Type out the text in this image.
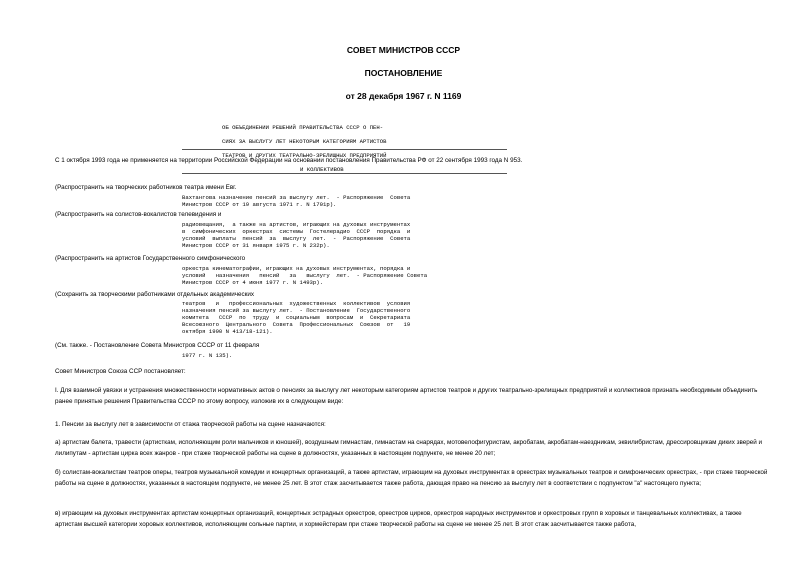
СОВЕТ МИНИСТРОВ СССР
ПОСТАНОВЛЕНИЕ
от 28 декабря 1967 г. N 1169

ОБ ОБЪЕДИНЕНИИ РЕШЕНИЙ ПРАВИТЕЛЬСТВА СССР О ПЕН-

СИЯХ ЗА ВЫСЛУГУ ЛЕТ НЕКОТОРЫМ КАТЕГОРИЯМ АРТИСТОВ

ТЕАТРОВ И ДРУГИХ ТЕАТРАЛЬНО-ЗРЕЛИЩНЫХ ПРЕДПРИЯТИЙ

И КОЛЛЕКТИВОВ

С 1 октября 1993 года не применяется на территории Российской Федерации на основании постановления Правительства РФ от 22 сентября 1993 года N 953.
(Распространить на творческих работников театра имени Евг.
Вахтангова назначение пенсий за выслугу лет.  - Распоряжение  Совета
Министров СССР от 19 августа 1971 г. N 1701р).
(Распространить на солистов-вокалистов телевидения и
радиовещания,  а также на артистов, играющих на духовых инструментах
в  симфонических  оркестрах  системы  Гостелерадио  СССР  порядка  и
условий  выплаты  пенсий  за  выслугу  лет.  -  Распоряжение  Совета
Министров СССР от 31 января 1975 г. N 232р).
(Распространить на артистов Государственного симфонического
оркестра кинематографии, играющих на духовых инструментах, порядка и
условий   назначения   пенсий   за   выслугу  лет.  - Распоряжение Совета
Министров СССР от 4 июня 1977 г. N 1493р).
(Сохранить за творческими работниками отдельных академических
театров   и   профессиональных  художественных  коллективов  условия
назначения пенсий за выслугу лет.  - Постановление  Государственного
комитета   СССР  по  труду  и  социальным  вопросам  и  Секретариата
Всесоюзного  Центрального  Совета  Профессиональных  Союзов  от   19
октября 1990 N 413/18-121).
(См. также. - Постановление Совета Министров СССР от 11 февраля
1977 г. N 135).
Совет Министров Союза ССР постановляет:
I. Для взаимной увязки и устранения множественности нормативных актов о пенсиях за выслугу лет некоторым категориям артистов театров и других театрально-зрелищных предприятий и коллективов признать необходимым объединить ранее принятые решения Правительства СССР по этому вопросу, изложив их в следующем виде:
1. Пенсии за выслугу лет в зависимости от стажа творческой работы на сцене назначаются:
а) артистам балета, травести (артисткам, исполняющим роли мальчиков и юношей), воздушным гимнастам, гимнастам на снарядах, мотовелофигуристам, акробатам, акробатам-наездникам, эквилибристам, дрессировщикам диких зверей и лилипутам - артистам цирка всех жанров - при стаже творческой работы на сцене в должностях, указанных в настоящем подпункте, не менее 20 лет;
б) солистам-вокалистам театров оперы, театров музыкальной комедии и концертных организаций, а также артистам, играющим на духовых инструментах в оркестрах музыкальных театров и симфонических оркестрах, - при стаже творческой работы на сцене в должностях, указанных в настоящем подпункте, не менее 25 лет. В этот стаж засчитывается также работа, дающая право на пенсию за выслугу лет в соответствии с подпунктом "а" настоящего пункта;
в) играющим на духовых инструментах артистам концертных организаций, концертных эстрадных оркестров, оркестров цирков, оркестров народных инструментов и оркестровых групп в хоровых и танцевальных коллективах, а также артистам высшей категории хоровых коллективов, исполняющим сольные партии, и хормейстерам при стаже творческой работы на сцене не менее 25 лет. В этот стаж засчитывается также работа,
